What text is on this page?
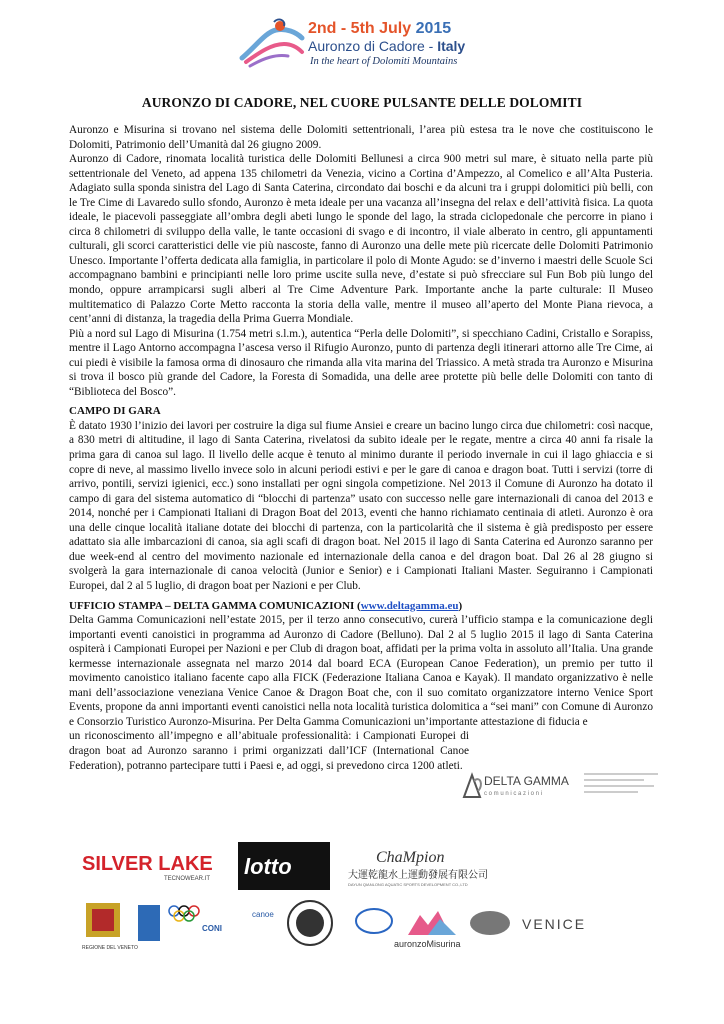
2nd - 5th July 2015
Auronzo di Cadore - Italy
In the heart of Dolomiti Mountains
AURONZO DI CADORE, NEL CUORE PULSANTE DELLE DOLOMITI

Auronzo e Misurina si trovano nel sistema delle Dolomiti settentrionali, l’area più estesa tra le nove che costituiscono le Dolomiti, Patrimonio dell’Umanità dal 26 giugno 2009.

Auronzo di Cadore, rinomata località turistica delle Dolomiti Bellunesi a circa 900 metri sul mare, è situato nella parte più settentrionale del Veneto, ad appena 135 chilometri da Venezia, vicino a Cortina d’Ampezzo, al Comelico e all’Alta Pusteria. Adagiato sulla sponda sinistra del Lago di Santa Caterina, circondato dai boschi e da alcuni tra i gruppi dolomitici più belli, con le Tre Cime di Lavaredo sullo sfondo, Auronzo è meta ideale per una vacanza all’insegna del relax e dell’attività fisica. La quota ideale, le piacevoli passeggiate all’ombra degli abeti lungo le sponde del lago, la strada ciclopedonale che percorre in piano i circa 8 chilometri di sviluppo della valle, le tante occasioni di svago e di incontro, il viale alberato in centro, gli appuntamenti culturali, gli scorci caratteristici delle vie più nascoste, fanno di Auronzo una delle mete più ricercate delle Dolomiti Patrimonio Unesco. Importante l’offerta dedicata alla famiglia, in particolare il polo di Monte Agudo: se d’inverno i maestri delle Scuole Sci accompagnano bambini e principianti nelle loro prime uscite sulla neve, d’estate si può sfrecciare sul Fun Bob più lungo del mondo, oppure arrampicarsi sugli alberi al Tre Cime Adventure Park. Importante anche la parte culturale: Il Museo multitematico di Palazzo Corte Metto racconta la storia della valle, mentre il museo all’aperto del Monte Piana rievoca, a cent’anni di distanza, la tragedia della Prima Guerra Mondiale.

Più a nord sul Lago di Misurina (1.754 metri s.l.m.), autentica “Perla delle Dolomiti”, si specchiano Cadini, Cristallo e Sorapiss, mentre il Lago Antorno accompagna l’ascesa verso il Rifugio Auronzo, punto di partenza degli itinerari attorno alle Tre Cime, ai cui piedi è visibile la famosa orma di dinosauro che rimanda alla vita marina del Triassico. A metà strada tra Auronzo e Misurina si trova il bosco più grande del Cadore, la Foresta di Somadida, una delle aree protette più belle delle Dolomiti con tanto di “Biblioteca del Bosco”.

CAMPO DI GARA

È datato 1930 l’inizio dei lavori per costruire la diga sul fiume Ansiei e creare un bacino lungo circa due chilometri: così nacque, a 830 metri di altitudine, il lago di Santa Caterina, rivelatosi da subito ideale per le regate, mentre a circa 40 anni fa risale la prima gara di canoa sul lago. Il livello delle acque è tenuto al minimo durante il periodo invernale in cui il lago ghiaccia e si copre di neve, al massimo livello invece solo in alcuni periodi estivi e per le gare di canoa e dragon boat. Tutti i servizi (torre di arrivo, pontili, servizi igienici, ecc.) sono installati per ogni singola competizione. Nel 2013 il Comune di Auronzo ha dotato il campo di gara del sistema automatico di “blocchi di partenza” usato con successo nelle gare internazionali di canoa del 2013 e 2014, nonché per i Campionati Italiani di Dragon Boat del 2013, eventi che hanno richiamato centinaia di atleti. Auronzo è ora una delle cinque località italiane dotate dei blocchi di partenza, con la particolarità che il sistema è già predisposto per essere adattato sia alle imbarcazioni di canoa, sia agli scafi di dragon boat. Nel 2015 il lago di Santa Caterina ed Auronzo saranno per due week-end al centro del movimento nazionale ed internazionale della canoa e del dragon boat. Dal 26 al 28 giugno si svolgerà la gara internazionale di canoa velocità (Junior e Senior) e i Campionati Italiani Master. Seguiranno i Campionati Europei, dal 2 al 5 luglio, di dragon boat per Nazioni e per Club.

UFFICIO STAMPA – DELTA GAMMA COMUNICAZIONI (www.deltagamma.eu)

Delta Gamma Comunicazioni nell’estate 2015, per il terzo anno consecutivo, curerà l’ufficio stampa e la comunicazione degli importanti eventi canoistici in programma ad Auronzo di Cadore (Belluno). Dal 2 al 5 luglio 2015 il lago di Santa Caterina ospiterà i Campionati Europei per Nazioni e per Club di dragon boat, affidati per la prima volta in assoluto all’Italia. Una grande kermesse internazionale assegnata nel marzo 2014 dal board ECA (European Canoe Federation), un premio per tutto il movimento canoistico italiano facente capo alla FICK (Federazione Italiana Canoa e Kayak). Il mandato organizzativo è nelle mani dell’associazione veneziana Venice Canoe & Dragon Boat che, con il suo comitato organizzatore interno Venice Sport Events, propone da anni importanti eventi canoistici nella nota località turistica dolomitica a “sei mani” con Comune di Auronzo e Consorzio Turistico Auronzo-Misurina. Per Delta Gamma Comunicazioni un’importante attestazione di fiducia e

un riconoscimento all’impegno e all’abituale professionalità: i Campionati Europei di dragon boat ad Auronzo saranno i primi organizzati dall’ICF (International Canoe Federation), potranno partecipare tutti i Paesi e, ad oggi, si prevedono circa 1200 atleti.

DELTA GAMMA
c o m u n i c a z i o n i
SILVER LAKE
TECNOWEAR.IT lotto	ChaMpion
大運乾龍水上運動發展有限公司
DAYUN QIANLONG AQUATIC SPORTS DEVELOPMENT CO.,LTD
REGIONE DEL VENETO
CONI
canoe
auronzoMisurina
VENICE
